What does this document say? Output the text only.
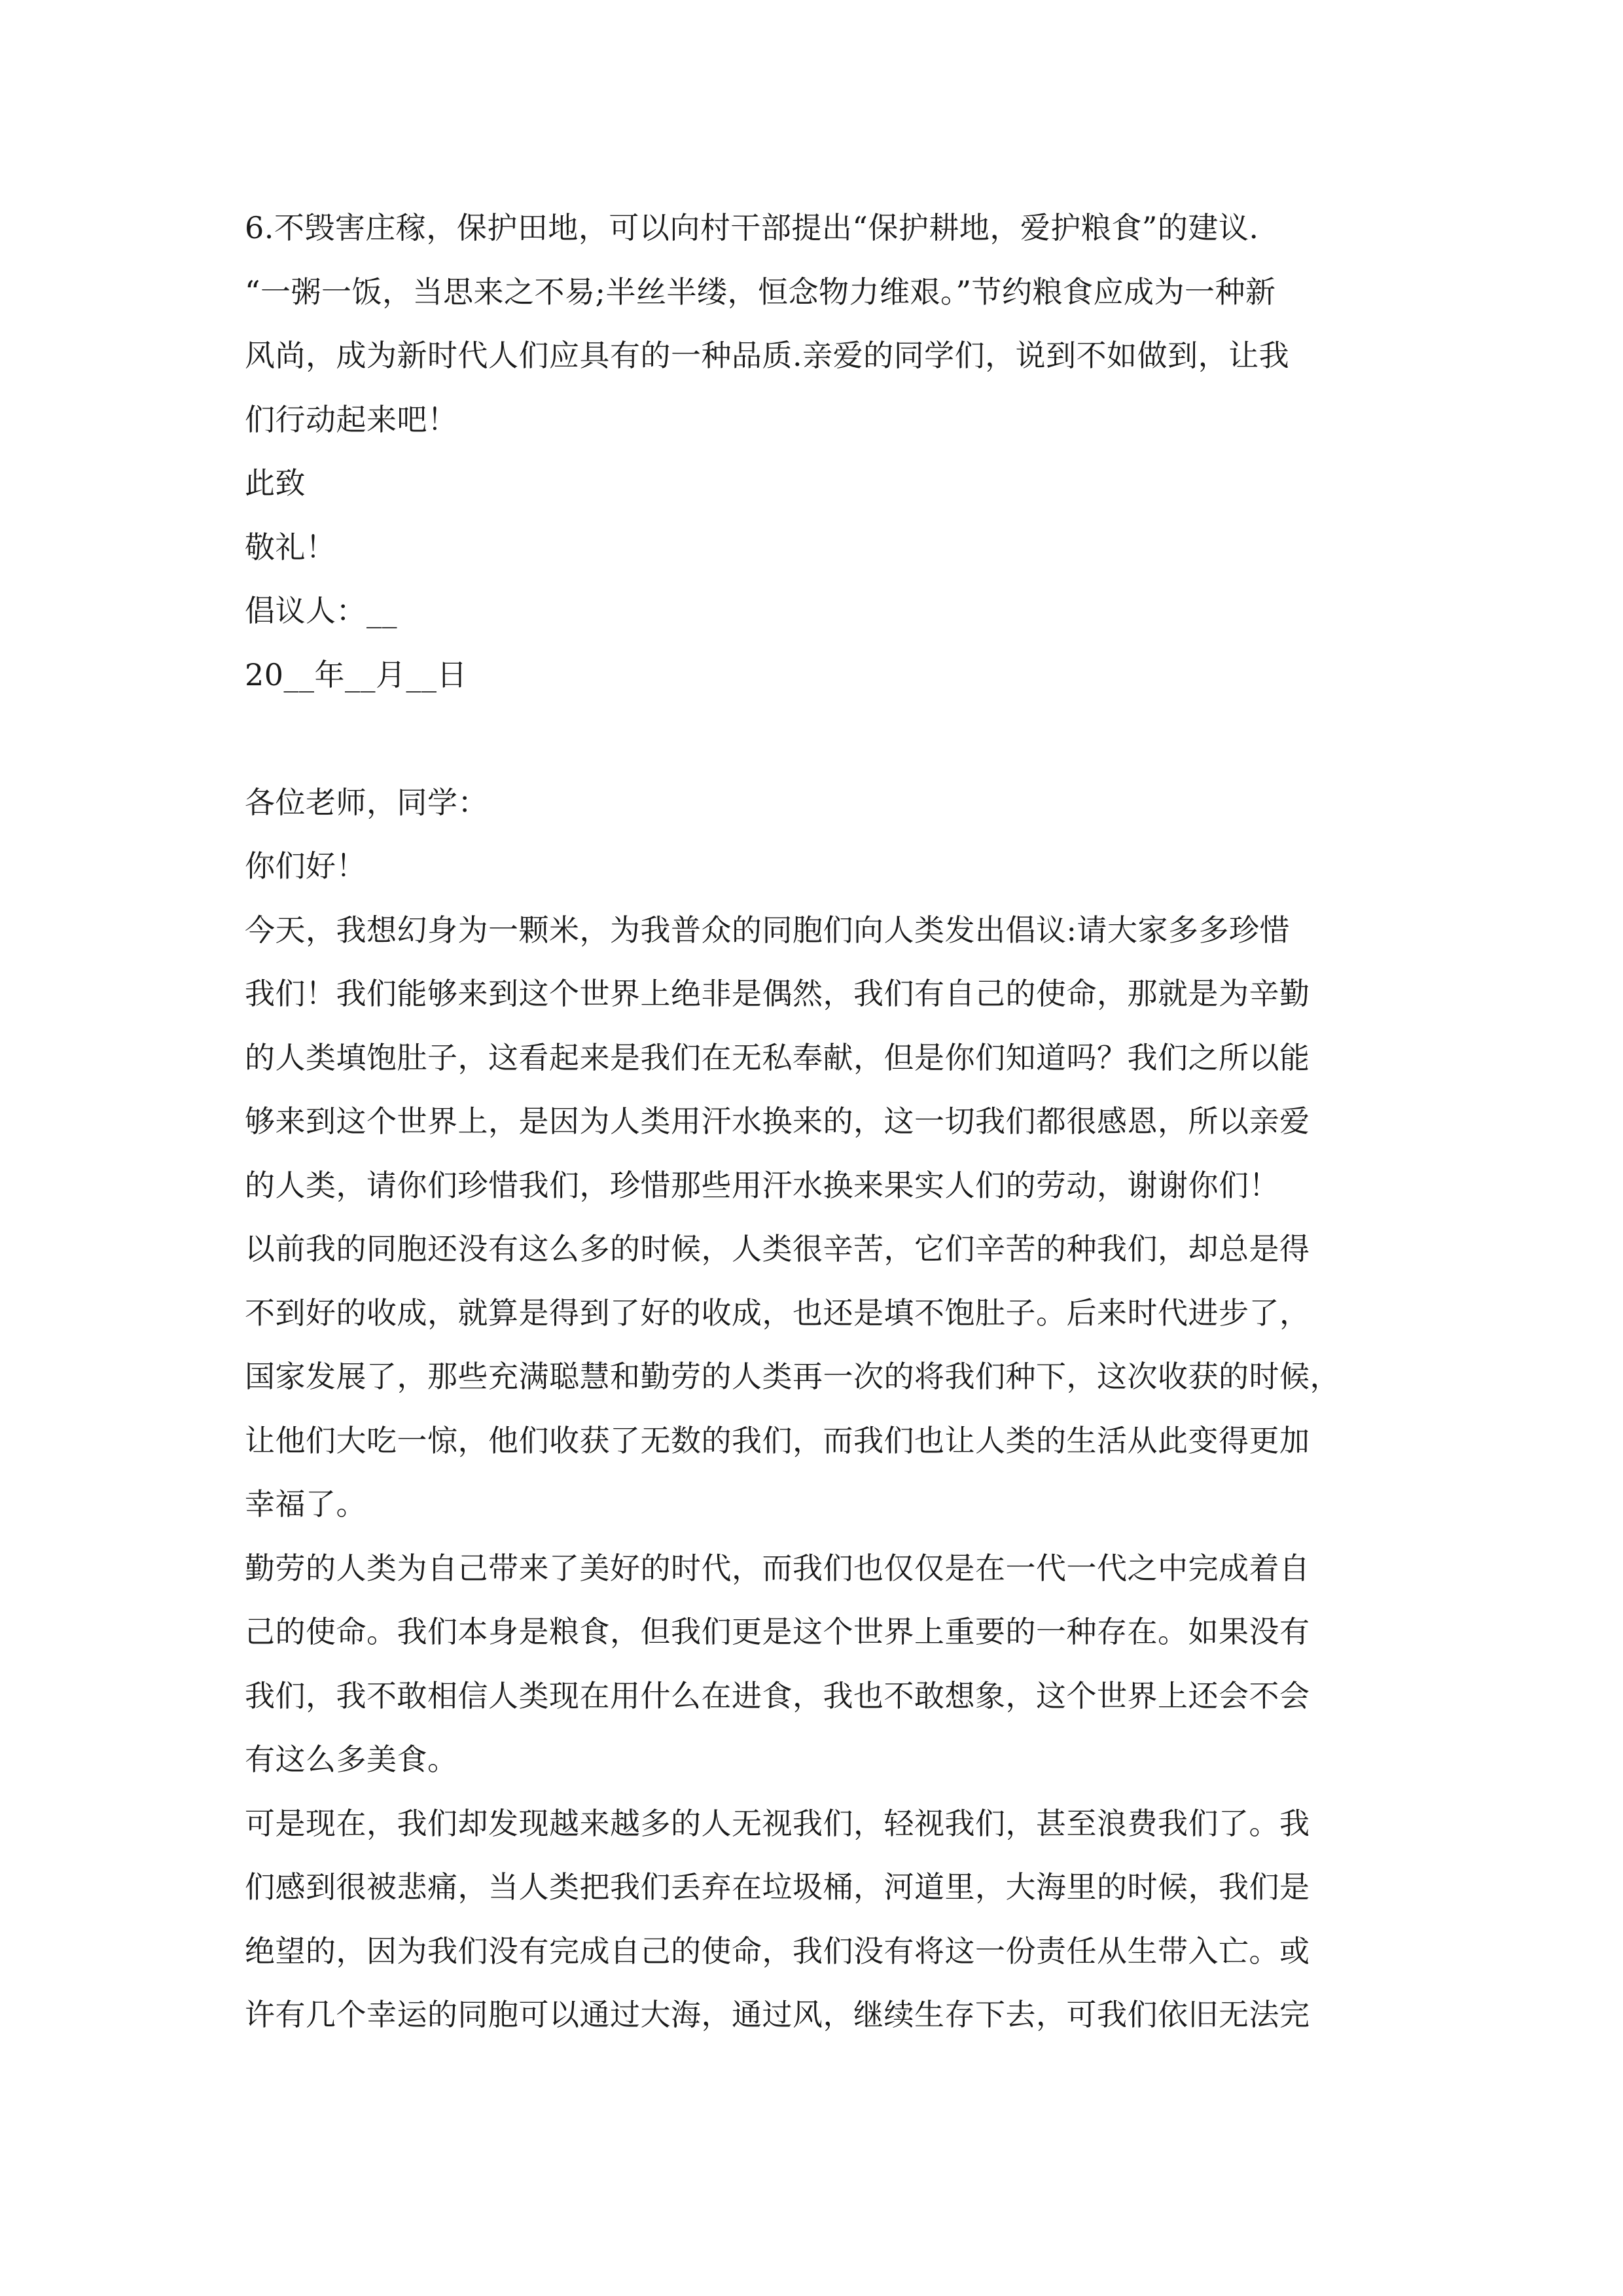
6.不毁害庄稼，保护田地，可以向村干部提出“保护耕地，爱护粮食”的建议.
“一粥一饭，当思来之不易;半丝半缕，恒念物力维艰。”节约粮食应成为一种新
风尚，成为新时代人们应具有的一种品质.亲爱的同学们，说到不如做到，让我
们行动起来吧！
此致
敬礼！
倡议人：__
20__年__月__日
各位老师，同学：
你们好！
今天，我想幻身为一颗米，为我普众的同胞们向人类发出倡议:请大家多多珍惜
我们！我们能够来到这个世界上绝非是偶然，我们有自己的使命，那就是为辛勤
的人类填饱肚子，这看起来是我们在无私奉献，但是你们知道吗？我们之所以能
够来到这个世界上，是因为人类用汗水换来的，这一切我们都很感恩，所以亲爱
的人类，请你们珍惜我们，珍惜那些用汗水换来果实人们的劳动，谢谢你们！
以前我的同胞还没有这么多的时候，人类很辛苦，它们辛苦的种我们，却总是得
不到好的收成，就算是得到了好的收成，也还是填不饱肚子。后来时代进步了，
国家发展了，那些充满聪慧和勤劳的人类再一次的将我们种下，这次收获的时候，
让他们大吃一惊，他们收获了无数的我们，而我们也让人类的生活从此变得更加
幸福了。
勤劳的人类为自己带来了美好的时代，而我们也仅仅是在一代一代之中完成着自
己的使命。我们本身是粮食，但我们更是这个世界上重要的一种存在。如果没有
我们，我不敢相信人类现在用什么在进食，我也不敢想象，这个世界上还会不会
有这么多美食。
可是现在，我们却发现越来越多的人无视我们，轻视我们，甚至浪费我们了。我
们感到很被悲痛，当人类把我们丢弃在垃圾桶，河道里，大海里的时候，我们是
绝望的，因为我们没有完成自己的使命，我们没有将这一份责任从生带入亡。或
许有几个幸运的同胞可以通过大海，通过风，继续生存下去，可我们依旧无法完
